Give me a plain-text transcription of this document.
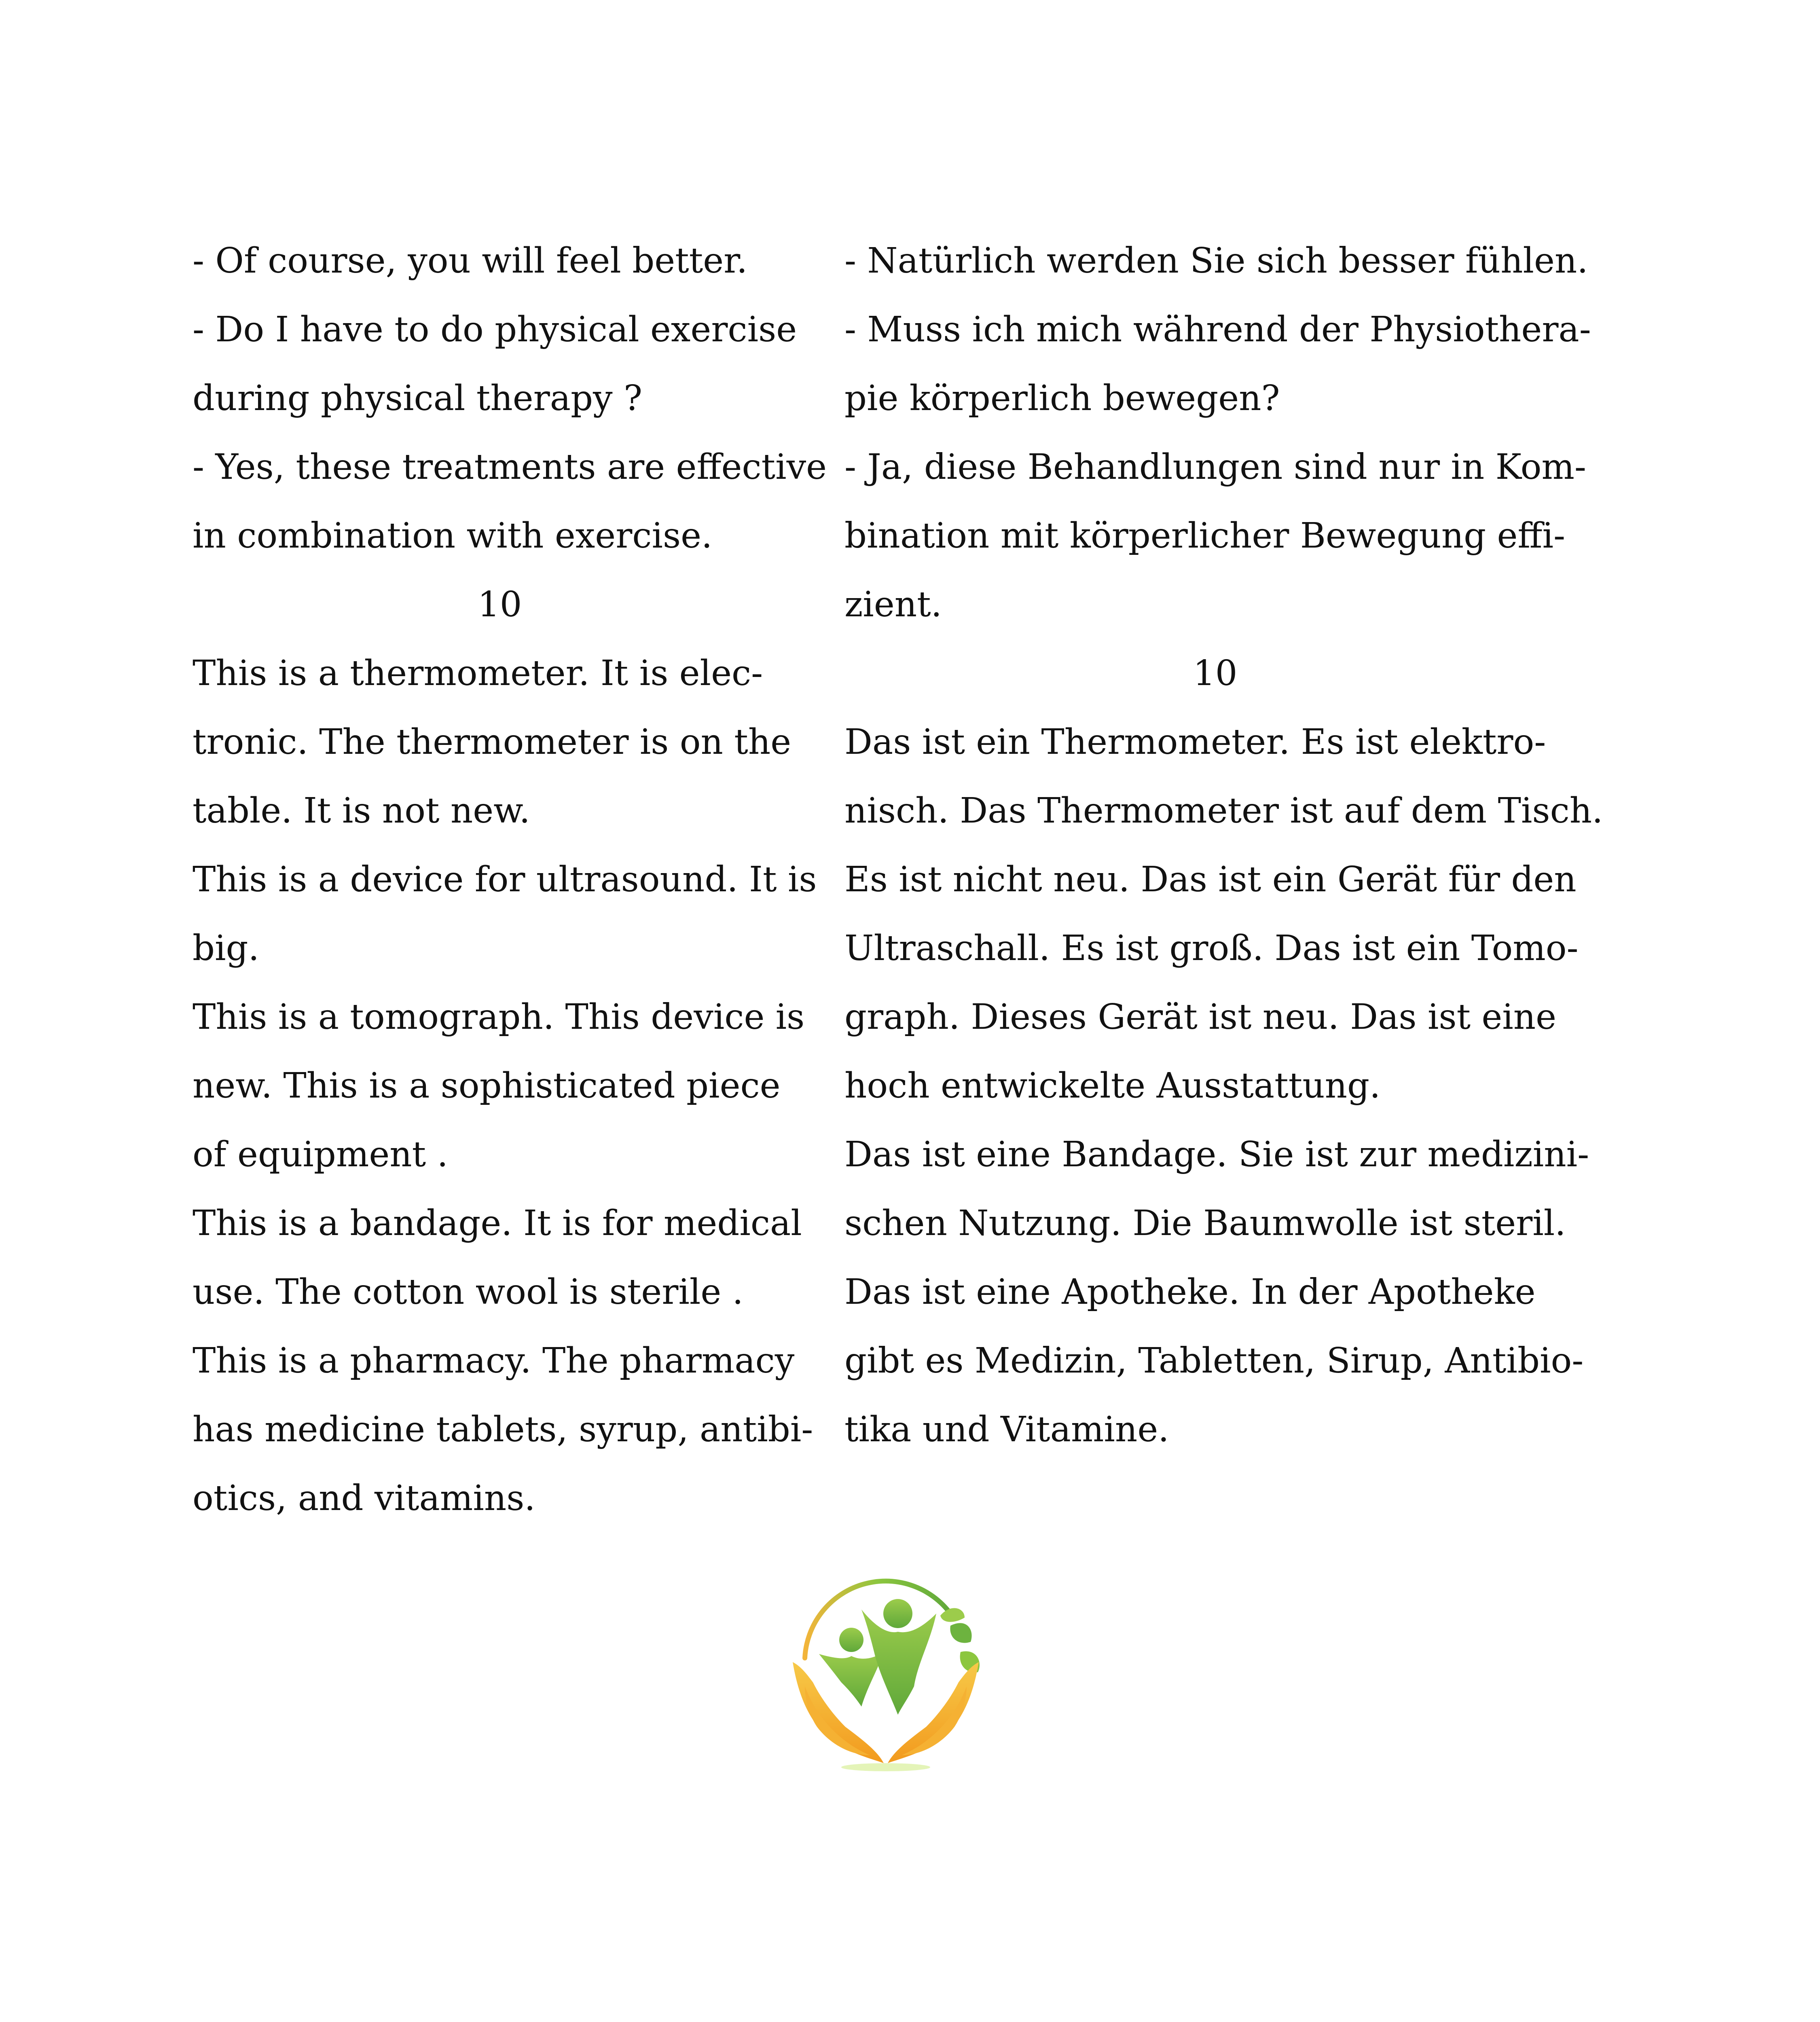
- Of course, you will feel better.
- Do I have to do physical exercise
during physical therapy ?
- Yes, these treatments are effective
in combination with exercise.
10
This is a thermometer. It is elec-
tronic. The thermometer is on the
table. It is not new.
This is a device for ultrasound. It is
big.
This is a tomograph. This device is
new. This is a sophisticated piece
of equipment .
This is a bandage. It is for medical
use. The cotton wool is sterile .
This is a pharmacy. The pharmacy
has medicine tablets, syrup, antibi-
otics, and vitamins.
- Natürlich werden Sie sich besser fühlen.
- Muss ich mich während der Physiothera-
pie körperlich bewegen?
- Ja, diese Behandlungen sind nur in Kom-
bination mit körperlicher Bewegung effi-
zient.
10
Das ist ein Thermometer. Es ist elektro-
nisch. Das Thermometer ist auf dem Tisch.
Es ist nicht neu. Das ist ein Gerät für den
Ultraschall. Es ist groß. Das ist ein Tomo-
graph. Dieses Gerät ist neu. Das ist eine
hoch entwickelte Ausstattung.
Das ist eine Bandage. Sie ist zur medizini-
schen Nutzung. Die Baumwolle ist steril.
Das ist eine Apotheke. In der Apotheke
gibt es Medizin, Tabletten, Sirup, Antibio-
tika und Vitamine.
